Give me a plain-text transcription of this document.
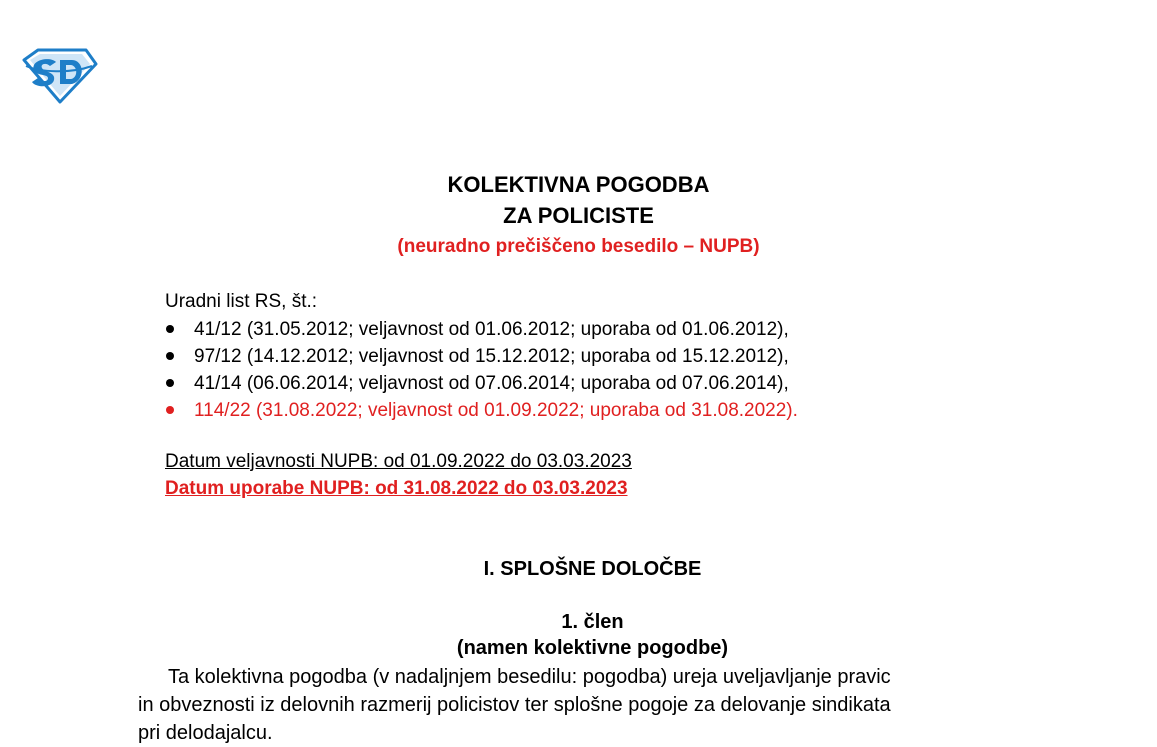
KOLEKTIVNA POGODBA
ZA POLICISTE
(neuradno prečiščeno besedilo – NUPB)
Uradni list RS, št.:
41/12 (31.05.2012; veljavnost od 01.06.2012; uporaba od 01.06.2012),
97/12 (14.12.2012; veljavnost od 15.12.2012; uporaba od 15.12.2012),
41/14 (06.06.2014; veljavnost od 07.06.2014; uporaba od 07.06.2014),
114/22 (31.08.2022; veljavnost od 01.09.2022; uporaba od 31.08.2022).
Datum veljavnosti NUPB: od 01.09.2022 do 03.03.2023
Datum uporabe NUPB: od 31.08.2022 do 03.03.2023
I. SPLOŠNE DOLOČBE
1. člen
(namen kolektivne pogodbe)
Ta kolektivna pogodba (v nadaljnjem besedilu: pogodba) ureja uveljavljanje pravic
in obveznosti iz delovnih razmerij policistov ter splošne pogoje za delovanje sindikata
pri delodajalcu.
